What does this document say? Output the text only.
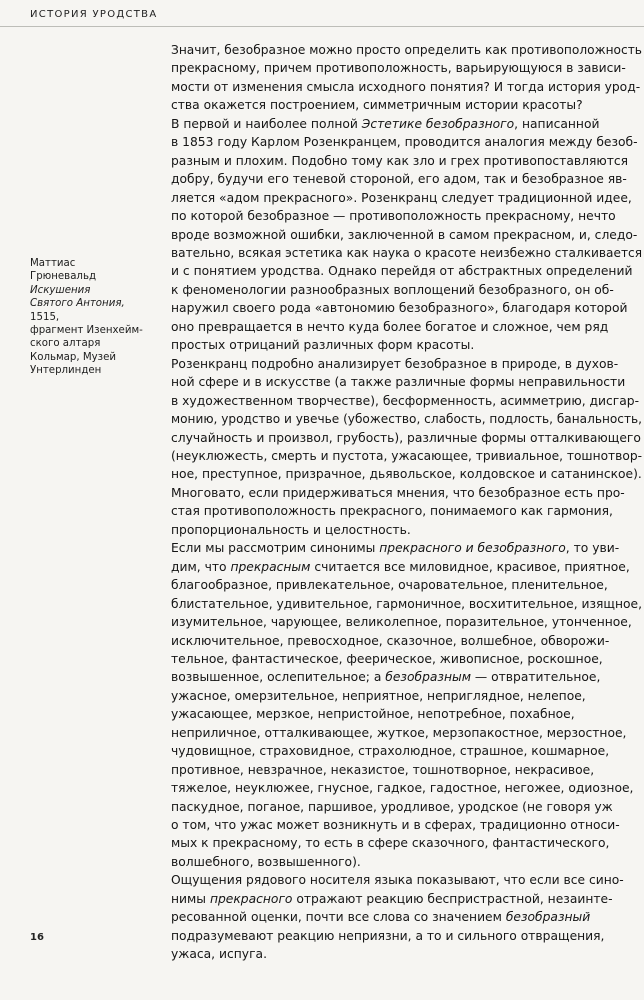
ИСТОРИЯ УРОДСТВА
Маттиас
Грюневальд
Искушения
Святого Антония,
1515,
фрагмент Изенхейм-
ского алтаря
Кольмар, Музей
Унтерлинден
Значит, безобразное можно просто определить как противоположность
прекрасному, причем противоположность, варьирующуюся в зависи-
мости от изменения смысла исходного понятия? И тогда история урод-
ства окажется построением, симметричным истории красоты?
В первой и наиболее полной Эстетике безобразного, написанной
в 1853 году Карлом Розенкранцем, проводится аналогия между безоб-
разным и плохим. Подобно тому как зло и грех противопоставляются
добру, будучи его теневой стороной, его адом, так и безобразное яв-
ляется «адом прекрасного». Розенкранц следует традиционной идее,
по которой безобразное — противоположность прекрасному, нечто
вроде возможной ошибки, заключенной в самом прекрасном, и, следо-
вательно, всякая эстетика как наука о красоте неизбежно сталкивается
и с понятием уродства. Однако перейдя от абстрактных определений
к феноменологии разнообразных воплощений безобразного, он об-
наружил своего рода «автономию безобразного», благодаря которой
оно превращается в нечто куда более богатое и сложное, чем ряд
простых отрицаний различных форм красоты.
Розенкранц подробно анализирует безобразное в природе, в духов-
ной сфере и в искусстве (а также различные формы неправильности
в художественном творчестве), бесформенность, асимметрию, дисгар-
монию, уродство и увечье (убожество, слабость, подлость, банальность,
случайность и произвол, грубость), различные формы отталкивающего
(неуклюжесть, смерть и пустота, ужасающее, тривиальное, тошнотвор-
ное, преступное, призрачное, дьявольское, колдовское и сатанинское).
Многовато, если придерживаться мнения, что безобразное есть про-
стая противоположность прекрасного, понимаемого как гармония,
пропорциональность и целостность.
Если мы рассмотрим синонимы прекрасного и безобразного, то уви-
дим, что прекрасным считается все миловидное, красивое, приятное,
благообразное, привлекательное, очаровательное, пленительное,
блистательное, удивительное, гармоничное, восхитительное, изящное,
изумительное, чарующее, великолепное, поразительное, утонченное,
исключительное, превосходное, сказочное, волшебное, обворожи-
тельное, фантастическое, феерическое, живописное, роскошное,
возвышенное, ослепительное; а безобразным — отвратительное,
ужасное, омерзительное, неприятное, неприглядное, нелепое,
ужасающее, мерзкое, непристойное, непотребное, похабное,
неприличное, отталкивающее, жуткое, мерзопакостное, мерзостное,
чудовищное, страховидное, страхолюдное, страшное, кошмарное,
противное, невзрачное, неказистое, тошнотворное, некрасивое,
тяжелое, неуклюжее, гнусное, гадкое, гадостное, негожее, одиозное,
паскудное, поганое, паршивое, уродливое, уродское (не говоря уж
о том, что ужас может возникнуть и в сферах, традиционно относи-
мых к прекрасному, то есть в сфере сказочного, фантастического,
волшебного, возвышенного).
Ощущения рядового носителя языка показывают, что если все сино-
нимы прекрасного отражают реакцию беспристрастной, незаинте-
ресованной оценки, почти все слова со значением безобразный
подразумевают реакцию неприязни, а то и сильного отвращения,
ужаса, испуга.
16
